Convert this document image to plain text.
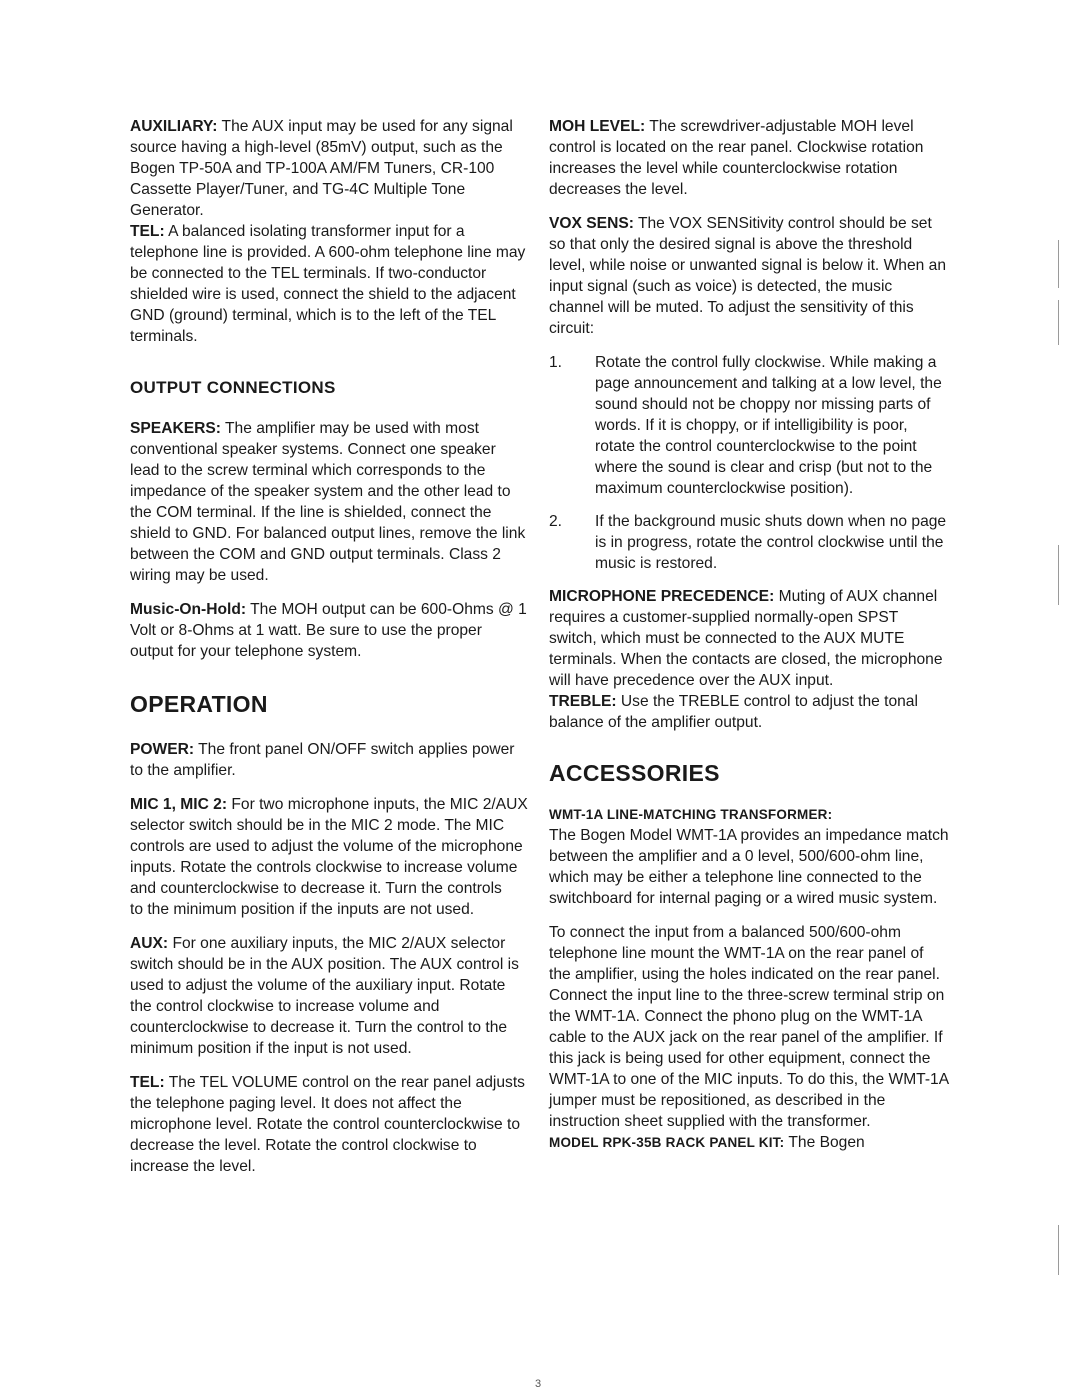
AUXILIARY: The AUX input may be used for any signal source having a high-level (85mV) output, such as the Bogen TP-50A and TP-100A AM/FM Tuners, CR-100 Cassette Player/Tuner, and TG-4C Multiple Tone Generator.

TEL: A balanced isolating transformer input for a telephone line is provided. A 600-ohm telephone line may be connected to the TEL terminals. If two-conductor shielded wire is used, connect the shield to the adjacent GND (ground) terminal, which is to the left of the TEL terminals.

OUTPUT CONNECTIONS

SPEAKERS: The amplifier may be used with most conventional speaker systems. Connect one speaker lead to the screw terminal which corresponds to the impedance of the speaker system and the other lead to the COM terminal. If the line is shielded, connect the shield to GND. For balanced output lines, remove the link between the COM and GND output terminals. Class 2 wiring may be used.

Music-On-Hold: The MOH output can be 600-Ohms @ 1 Volt or 8-Ohms at 1 watt. Be sure to use the proper output for your telephone system.

OPERATION

POWER: The front panel ON/OFF switch applies power to the amplifier.

MIC 1, MIC 2: For two microphone inputs, the MIC 2/AUX selector switch should be in the MIC 2 mode. The MIC controls are used to adjust the volume of the microphone inputs. Rotate the controls clockwise to increase volume and counterclockwise to decrease it. Turn the controls

to the minimum position if the inputs are not used.

AUX: For one auxiliary inputs, the MIC 2/AUX selector switch should be in the AUX position. The AUX control is used to adjust the volume of the auxiliary input. Rotate the control clockwise to increase volume and counterclockwise to decrease it. Turn the control to the minimum position if the input is not used.

TEL: The TEL VOLUME control on the rear panel adjusts the telephone paging level. It does not affect the microphone level. Rotate the control counterclockwise to decrease the level. Rotate the control clockwise to increase the level.

MOH LEVEL: The screwdriver-adjustable MOH level control is located on the rear panel. Clockwise rotation increases the level while counterclockwise rotation decreases the level.

VOX SENS: The VOX SENSitivity control should be set so that only the desired signal is above the threshold level, while noise or unwanted signal is below it. When an input signal (such as voice) is detected, the music channel will be muted. To adjust the sensitivity of this circuit:

1.	Rotate the control fully clockwise. While making a page announcement and talking at a low level, the sound should not be choppy nor missing parts of words. If it is choppy, or if intelligibility is poor, rotate the control counterclockwise to the point where the sound is clear and crisp (but not to the maximum counterclockwise position).
2.	If the background music shuts down when no page is in progress, rotate the control clockwise until the music is restored.

MICROPHONE PRECEDENCE: Muting of AUX channel requires a customer-supplied normally-open SPST switch, which must be connected to the AUX MUTE terminals. When the contacts are closed, the microphone will have precedence over the AUX input.

TREBLE: Use the TREBLE control to adjust the tonal balance of the amplifier output.

ACCESSORIES

WMT-1A LINE-MATCHING TRANSFORMER:
The Bogen Model WMT-1A provides an impedance match between the amplifier and a 0 level, 500/600-ohm line, which may be either a telephone line connected to the switchboard for internal paging or a wired music system.

To connect the input from a balanced 500/600-ohm telephone line mount the WMT-1A on the rear panel of the amplifier, using the holes indicated on the rear panel. Connect the input line to the three-screw terminal strip on the WMT-1A. Connect the phono plug on the WMT-1A cable to the AUX jack on the rear panel of the amplifier. If this jack is being used for other equipment, connect the WMT-1A to one of the MIC inputs. To do this, the WMT-1A jumper must be repositioned, as described in the instruction sheet supplied with the transformer.

MODEL RPK-35B RACK PANEL KIT: The Bogen

3
